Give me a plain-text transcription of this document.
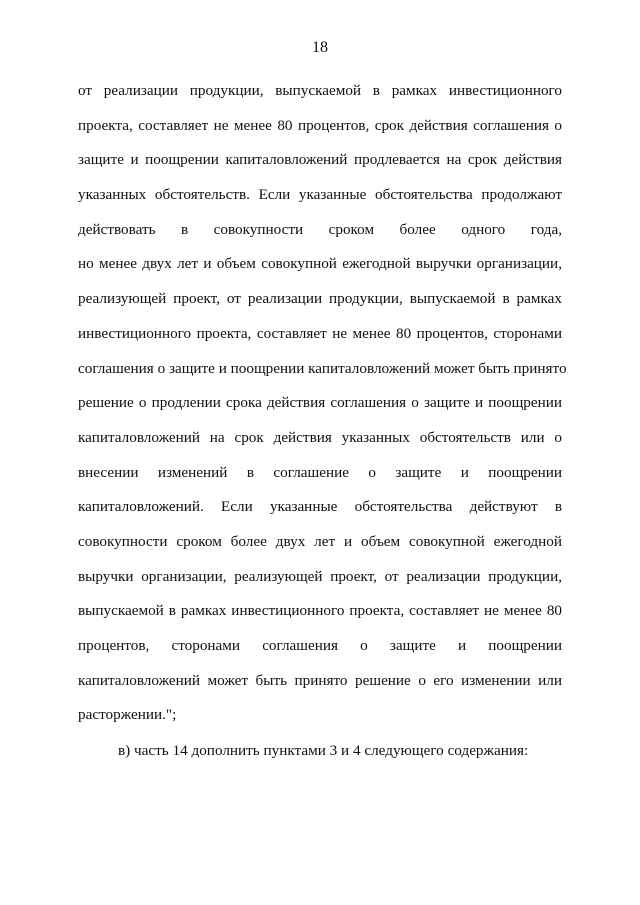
18
от реализации продукции, выпускаемой в рамках инвестиционного
проекта, составляет не менее 80 процентов, срок действия соглашения о
защите и поощрении капиталовложений продлевается на срок действия
указанных обстоятельств. Если указанные обстоятельства продолжают
действовать в совокупности сроком более одного года,
но менее двух лет и объем совокупной ежегодной выручки организации,
реализующей проект, от реализации продукции, выпускаемой в рамках
инвестиционного проекта, составляет не менее 80 процентов, сторонами
соглашения о защите и поощрении капиталовложений может быть принято
решение о продлении срока действия соглашения о защите и поощрении
капиталовложений на срок действия указанных обстоятельств или о
внесении изменений в соглашение о защите и поощрении
капиталовложений. Если указанные обстоятельства действуют в
совокупности сроком более двух лет и объем совокупной ежегодной
выручки организации, реализующей проект, от реализации продукции,
выпускаемой в рамках инвестиционного проекта, составляет не менее 80
процентов, сторонами соглашения о защите и поощрении
капиталовложений может быть принято решение о его изменении или
расторжении.";
в) часть 14 дополнить пунктами 3 и 4 следующего содержания:
